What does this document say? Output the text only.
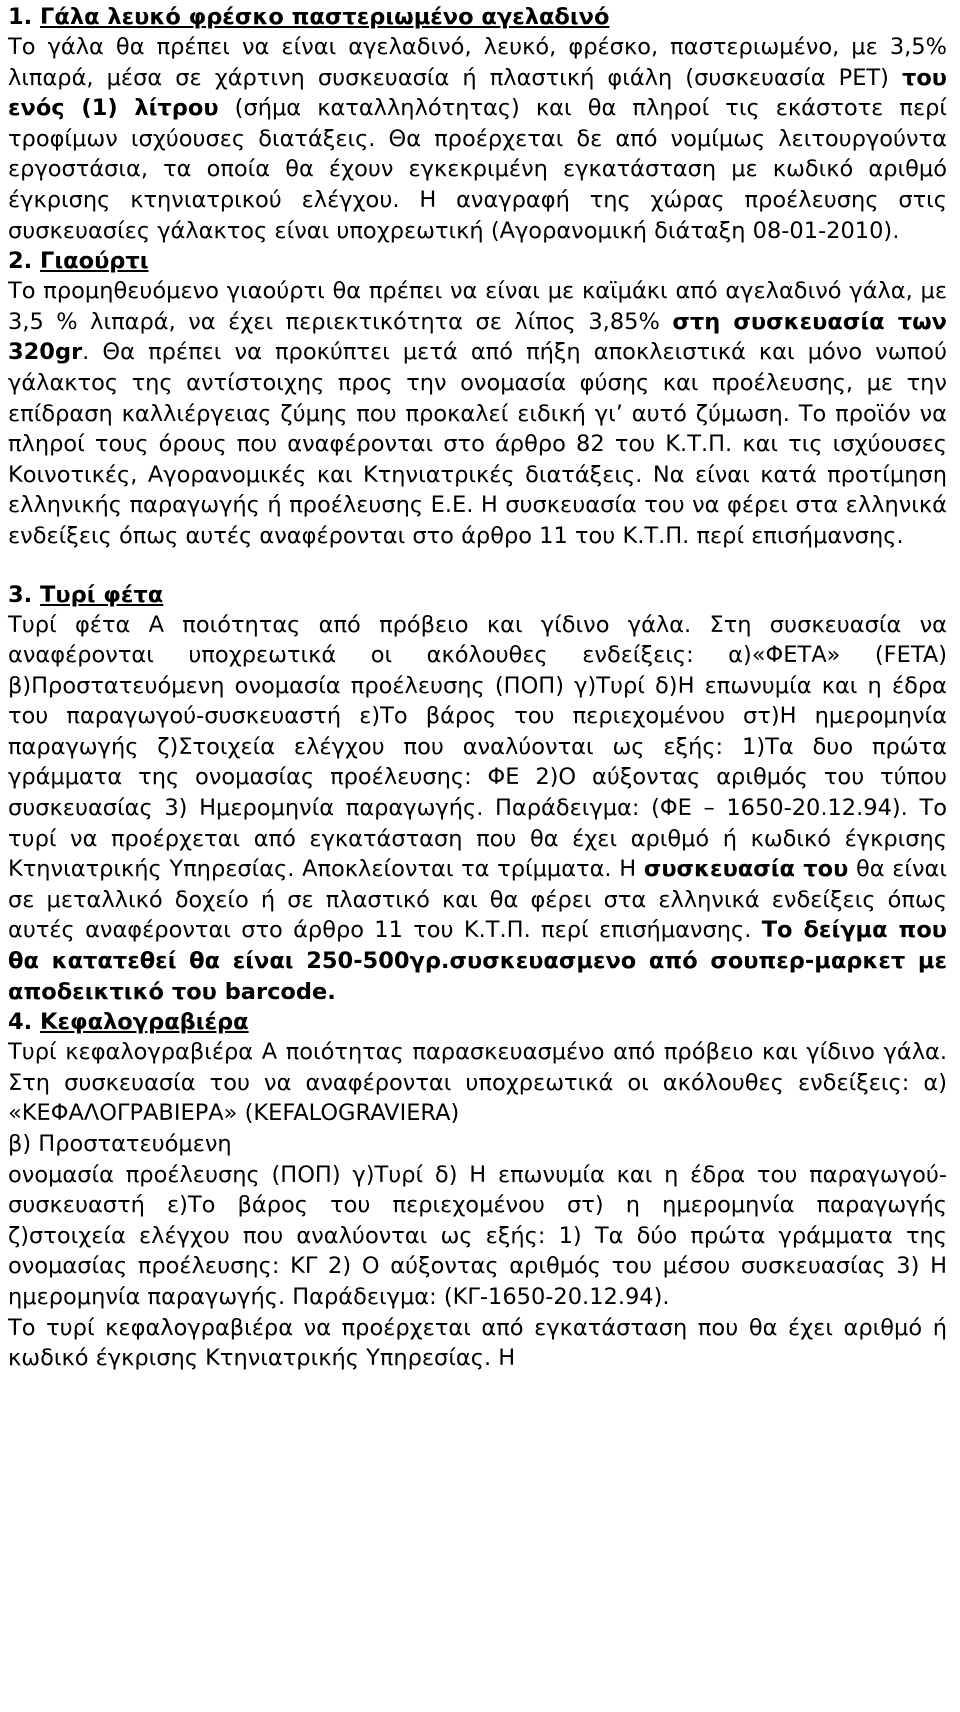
1. Γάλα λευκό φρέσκο παστεριωμένο αγελαδινό

Το γάλα θα πρέπει να είναι αγελαδινό, λευκό, φρέσκο, παστεριωμένο, με 3,5% λιπαρά, μέσα σε χάρτινη συσκευασία ή πλαστική φιάλη (συσκευασία PET) του ενός (1) λίτρου (σήμα καταλληλότητας) και θα πληροί τις εκάστοτε περί τροφίμων ισχύουσες διατάξεις. Θα προέρχεται δε από νομίμως λειτουργούντα εργοστάσια, τα οποία θα έχουν εγκεκριμένη εγκατάσταση με κωδικό αριθμό έγκρισης κτηνιατρικού ελέγχου. Η αναγραφή της χώρας προέλευσης στις συσκευασίες γάλακτος είναι υποχρεωτική (Αγορανομική διάταξη 08-01-2010).

2. Γιαούρτι

Το προμηθευόμενο γιαούρτι θα πρέπει να είναι με καϊμάκι από αγελαδινό γάλα, με 3,5 % λιπαρά, να έχει περιεκτικότητα σε λίπος 3,85% στη συσκευασία των 320gr. Θα πρέπει να προκύπτει μετά από πήξη αποκλειστικά και μόνο νωπού γάλακτος της αντίστοιχης προς την ονομασία φύσης και προέλευσης, με την επίδραση καλλιέργειας ζύμης που προκαλεί ειδική γι’ αυτό ζύμωση. Το προϊόν να πληροί τους όρους που αναφέρονται στο άρθρο 82 του Κ.Τ.Π. και τις ισχύουσες Κοινοτικές, Αγορανομικές και Κτηνιατρικές διατάξεις. Να είναι κατά προτίμηση ελληνικής παραγωγής ή προέλευσης Ε.Ε. Η συσκευασία του να φέρει στα ελληνικά ενδείξεις όπως αυτές αναφέρονται στο άρθρο 11 του Κ.Τ.Π. περί επισήμανσης.

3. Τυρί φέτα

Τυρί φέτα Α ποιότητας από πρόβειο και γίδινο γάλα. Στη συσκευασία να αναφέρονται υποχρεωτικά οι ακόλουθες ενδείξεις: α)«ΦΕΤΑ» (FETA) β)Προστατευόμενη ονομασία προέλευσης (ΠΟΠ) γ)Τυρί δ)Η επωνυμία και η έδρα του παραγωγού-συσκευαστή ε)Το βάρος του περιεχομένου στ)Η ημερομηνία παραγωγής ζ)Στοιχεία ελέγχου που αναλύονται ως εξής: 1)Τα δυο πρώτα γράμματα της ονομασίας προέλευσης: ΦΕ 2)Ο αύξοντας αριθμός του τύπου συσκευασίας 3) Ημερομηνία παραγωγής. Παράδειγμα: (ΦΕ – 1650-20.12.94). Το τυρί να προέρχεται από εγκατάσταση που θα έχει αριθμό ή κωδικό έγκρισης Κτηνιατρικής Υπηρεσίας. Αποκλείονται τα τρίμματα. Η συσκευασία του θα είναι σε μεταλλικό δοχείο ή σε πλαστικό και θα φέρει στα ελληνικά ενδείξεις όπως αυτές αναφέρονται στο άρθρο 11 του Κ.Τ.Π. περί επισήμανσης. Το δείγμα που θα κατατεθεί θα είναι 250-500γρ.συσκευασμενο από σουπερ-μαρκετ με αποδεικτικό του barcode.

4. Κεφαλογραβιέρα

Τυρί κεφαλογραβιέρα Α ποιότητας παρασκευασμένο από πρόβειο και γίδινο γάλα. Στη συσκευασία του να αναφέρονται υποχρεωτικά οι ακόλουθες ενδείξεις: α) «ΚΕΦΑΛΟΓΡΑΒΙΕΡΑ» (KEFALOGRAVIERA)

β) Προστατευόμενη

ονομασία προέλευσης (ΠΟΠ) γ)Τυρί δ) Η επωνυμία και η έδρα του παραγωγού-συσκευαστή ε)Το βάρος του περιεχομένου στ) η ημερομηνία παραγωγής ζ)στοιχεία ελέγχου που αναλύονται ως εξής: 1) Τα δύο πρώτα γράμματα της ονομασίας προέλευσης: ΚΓ 2) Ο αύξοντας αριθμός του μέσου συσκευασίας 3) Η ημερομηνία παραγωγής. Παράδειγμα: (ΚΓ-1650-20.12.94).

Το τυρί κεφαλογραβιέρα να προέρχεται από εγκατάσταση που θα έχει αριθμό ή κωδικό έγκρισης Κτηνιατρικής Υπηρεσίας. Η
